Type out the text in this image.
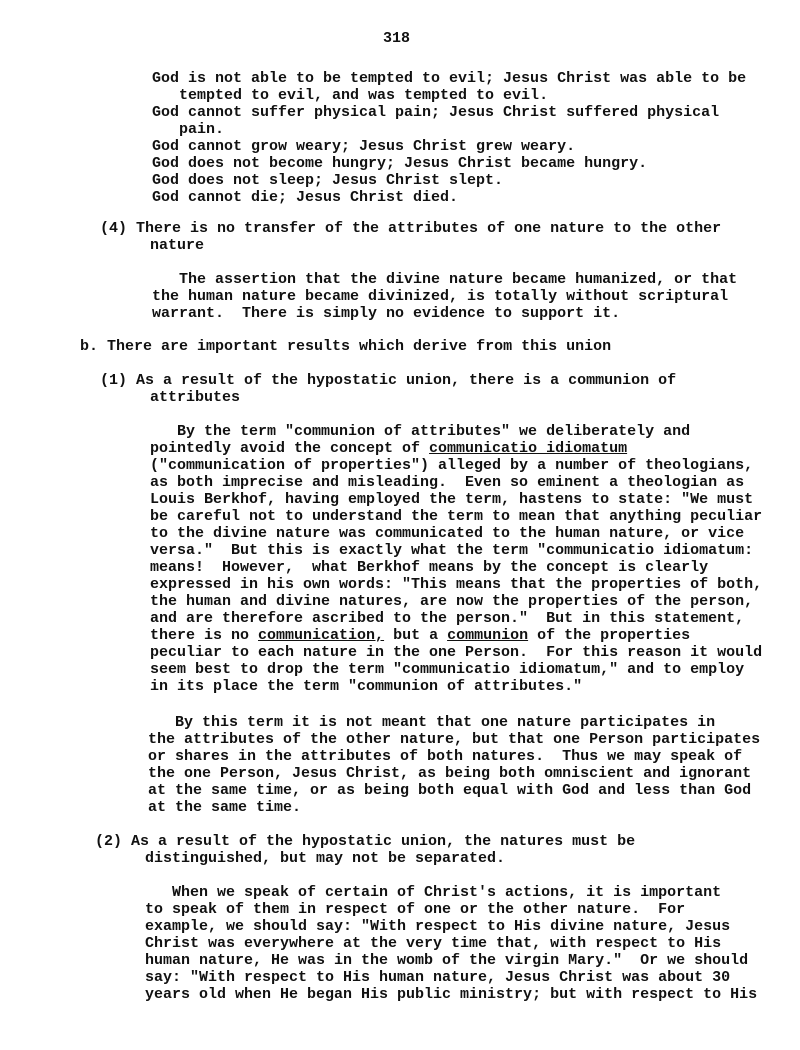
318
God is not able to be tempted to evil; Jesus Christ was able to be
tempted to evil, and was tempted to evil.
God cannot suffer physical pain; Jesus Christ suffered physical
pain.
God cannot grow weary; Jesus Christ grew weary.
God does not become hungry; Jesus Christ became hungry.
God does not sleep; Jesus Christ slept.
God cannot die; Jesus Christ died.
(4) There is no transfer of the attributes of one nature to the other
nature
The assertion that the divine nature became humanized, or that
the human nature became divinized, is totally without scriptural
warrant.  There is simply no evidence to support it.
b. There are important results which derive from this union
(1) As a result of the hypostatic union, there is a communion of
attributes
By the term "communion of attributes" we deliberately and
pointedly avoid the concept of communicatio idiomatum
("communication of properties") alleged by a number of theologians,
as both imprecise and misleading.  Even so eminent a theologian as
Louis Berkhof, having employed the term, hastens to state: "We must
be careful not to understand the term to mean that anything peculiar
to the divine nature was communicated to the human nature, or vice
versa."  But this is exactly what the term "communicatio idiomatum:
means!  However,  what Berkhof means by the concept is clearly
expressed in his own words: "This means that the properties of both,
the human and divine natures, are now the properties of the person,
and are therefore ascribed to the person."  But in this statement,
there is no communication, but a communion of the properties
peculiar to each nature in the one Person.  For this reason it would
seem best to drop the term "communicatio idiomatum," and to employ
in its place the term "communion of attributes."
By this term it is not meant that one nature participates in
the attributes of the other nature, but that one Person participates
or shares in the attributes of both natures.  Thus we may speak of
the one Person, Jesus Christ, as being both omniscient and ignorant
at the same time, or as being both equal with God and less than God
at the same time.
(2) As a result of the hypostatic union, the natures must be
distinguished, but may not be separated.
When we speak of certain of Christ's actions, it is important
to speak of them in respect of one or the other nature.  For
example, we should say: "With respect to His divine nature, Jesus
Christ was everywhere at the very time that, with respect to His
human nature, He was in the womb of the virgin Mary."  Or we should
say: "With respect to His human nature, Jesus Christ was about 30
years old when He began His public ministry; but with respect to His
